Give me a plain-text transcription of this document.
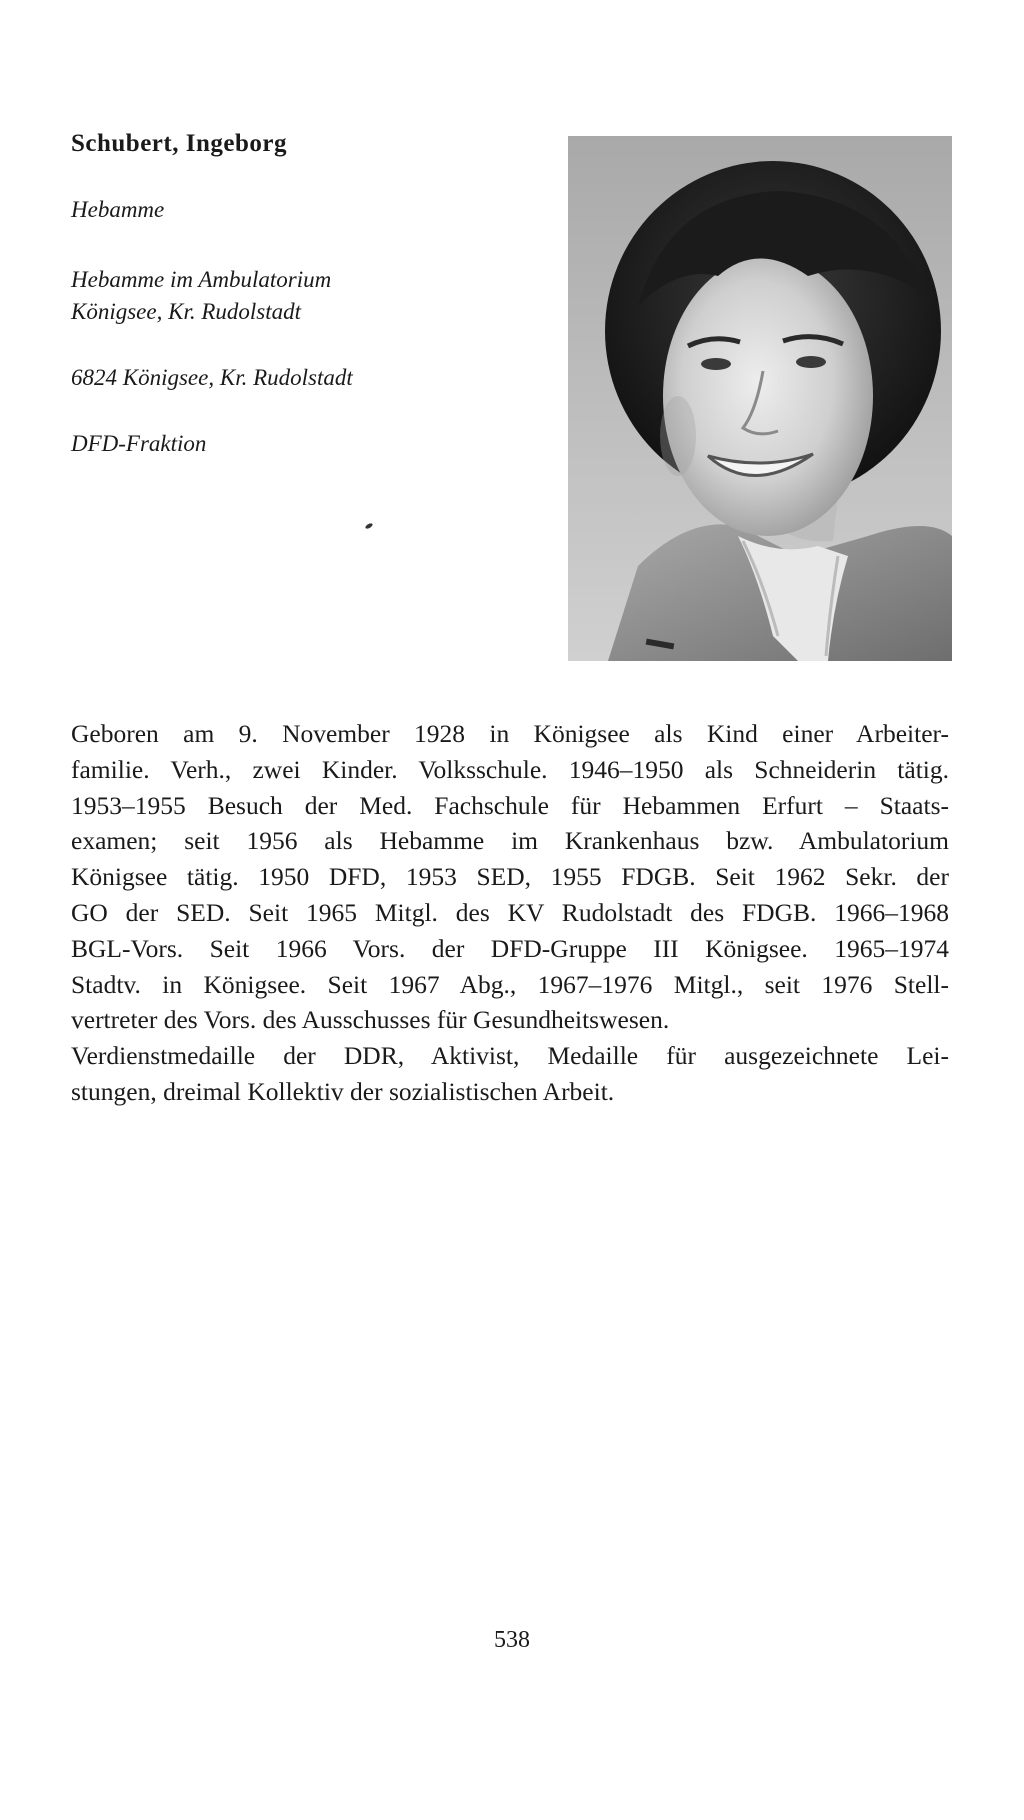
Schubert, Ingeborg

Hebamme

Hebamme im Ambulatorium

Königsee, Kr. Rudolstadt

6824 Königsee, Kr. Rudolstadt

DFD-Fraktion

Geboren am 9. November 1928 in Königsee als Kind einer Arbeiter-
familie. Verh., zwei Kinder. Volksschule. 1946–1950 als Schneiderin tätig.
1953–1955 Besuch der Med. Fachschule für Hebammen Erfurt – Staats-
examen; seit 1956 als Hebamme im Krankenhaus bzw. Ambulatorium
Königsee tätig. 1950 DFD, 1953 SED, 1955 FDGB. Seit 1962 Sekr. der
GO der SED. Seit 1965 Mitgl. des KV Rudolstadt des FDGB. 1966–1968
BGL-Vors. Seit 1966 Vors. der DFD-Gruppe III Königsee. 1965–1974
Stadtv. in Königsee. Seit 1967 Abg., 1967–1976 Mitgl., seit 1976 Stell-
vertreter des Vors. des Ausschusses für Gesundheitswesen.
Verdienstmedaille der DDR, Aktivist, Medaille für ausgezeichnete Lei-
stungen, dreimal Kollektiv der sozialistischen Arbeit.

538
